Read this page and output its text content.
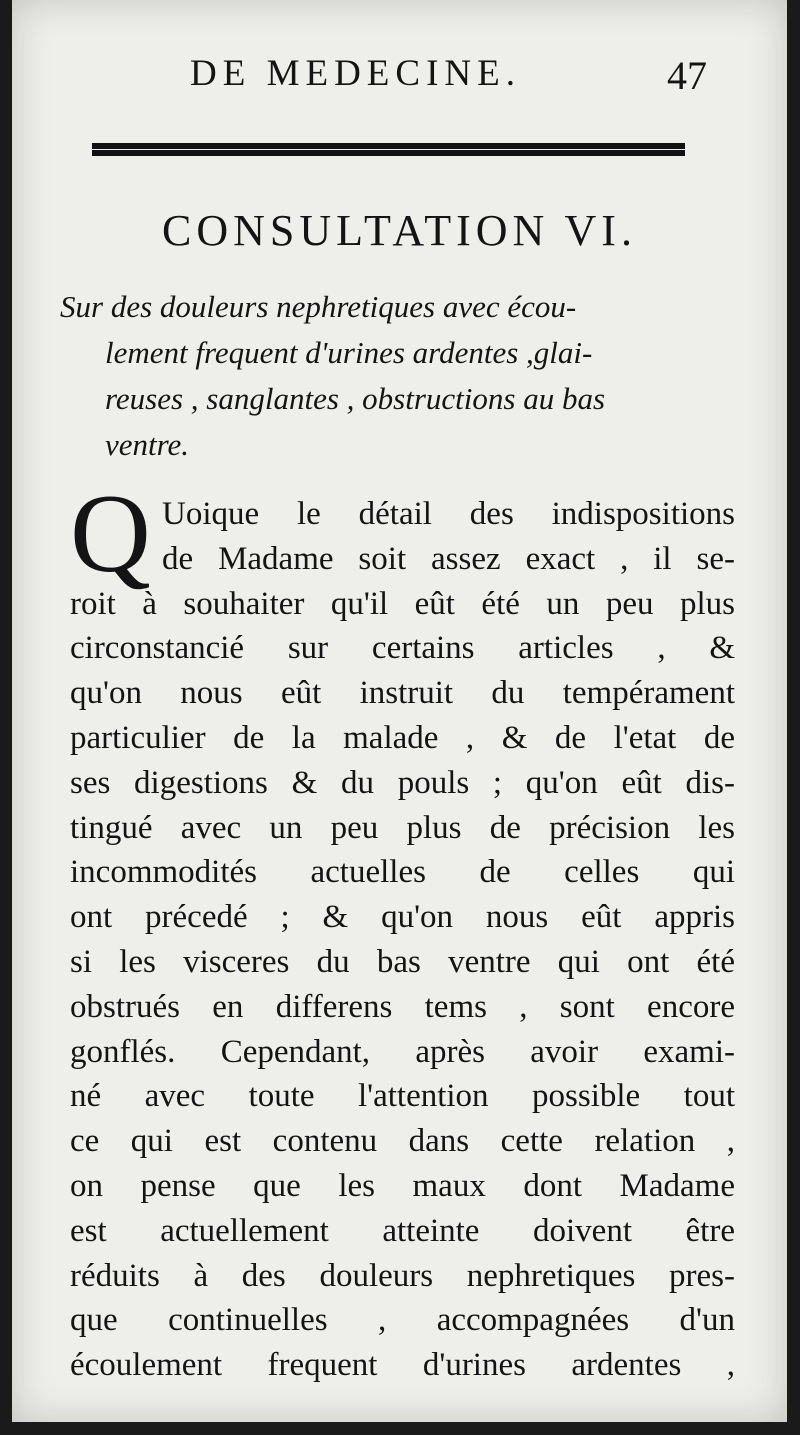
DE MEDECINE.	47
CONSULTATION VI.
Sur des douleurs nephretiques avec écou-
lement frequent d'urines ardentes ,glai-
reuses , sanglantes , obstructions au bas
ventre.
Q Uoique le détail des indispositions
de Madame soit assez exact , il se-
roit à souhaiter qu'il eût été un peu plus
circonstancié sur certains articles , &
qu'on nous eût instruit du tempérament
particulier de la malade , & de l'etat de
ses digestions & du pouls ; qu'on eût dis-
tingué avec un peu plus de précision les
incommodités actuelles de celles qui
ont précedé ; & qu'on nous eût appris
si les visceres du bas ventre qui ont été
obstrués en differens tems , sont encore
gonflés. Cependant, après avoir exami-
né avec toute l'attention possible tout
ce qui est contenu dans cette relation ,
on pense que les maux dont Madame
est actuellement atteinte doivent être
réduits à des douleurs nephretiques pres-
que continuelles , accompagnées d'un
écoulement frequent d'urines ardentes ,
